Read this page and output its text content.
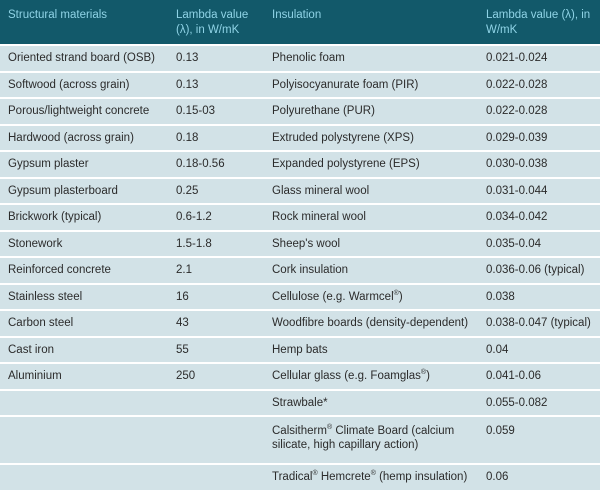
Structural materials	Lambda value (λ), in W/mK	Insulation	Lambda value (λ), in W/mK
Oriented strand board (OSB)	0.13	Phenolic foam	0.021-0.024
Softwood (across grain)	0.13	Polyisocyanurate foam (PIR)	0.022-0.028
Porous/lightweight concrete	0.15-03	Polyurethane (PUR)	0.022-0.028
Hardwood (across grain)	0.18	Extruded polystyrene (XPS)	0.029-0.039
Gypsum plaster	0.18-0.56	Expanded polystyrene (EPS)	0.030-0.038
Gypsum plasterboard	0.25	Glass mineral wool	0.031-0.044
Brickwork (typical)	0.6-1.2	Rock mineral wool	0.034-0.042
Stonework	1.5-1.8	Sheep's wool	0.035-0.04
Reinforced concrete	2.1	Cork insulation	0.036-0.06 (typical)
Stainless steel	16	Cellulose (e.g. Warmcel®)	0.038
Carbon steel	43	Woodfibre boards (density-dependent)	0.038-0.047 (typical)
Cast iron	55	Hemp bats	0.04
Aluminium	250	Cellular glass (e.g. Foamglas®)	0.041-0.06
		Strawbale*	0.055-0.082
		Calsitherm® Climate Board (calcium silicate, high capillary action)	0.059
		Tradical® Hemcrete® (hemp insulation)	0.06
